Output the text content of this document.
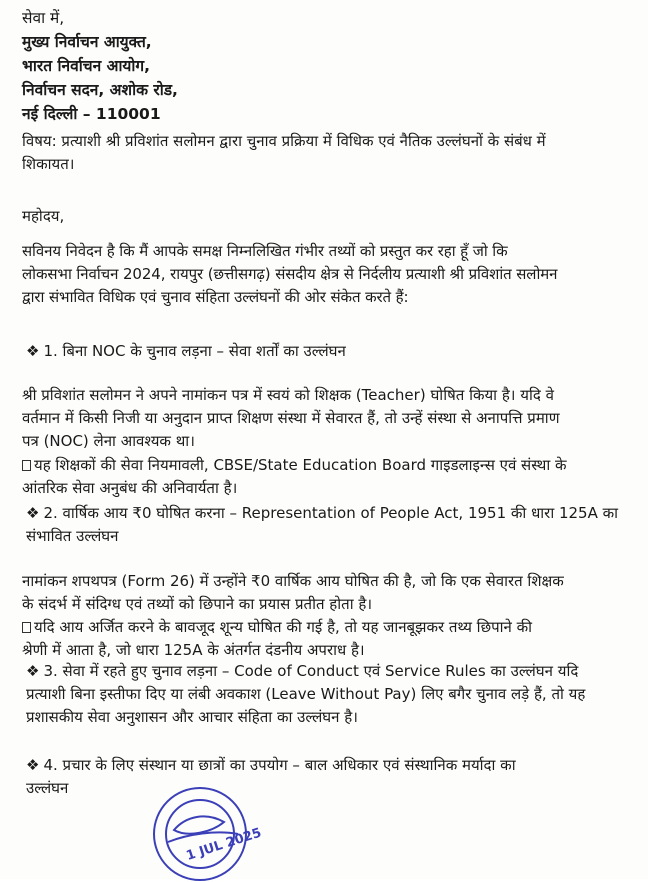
सेवा में,
मुख्य निर्वाचन आयुक्त,
भारत निर्वाचन आयोग,
निर्वाचन सदन, अशोक रोड,
नई दिल्ली – 110001
विषय: प्रत्याशी श्री प्रविशांत सलोमन द्वारा चुनाव प्रक्रिया में विधिक एवं नैतिक उल्लंघनों के संबंध में
शिकायत।
महोदय,
सविनय निवेदन है कि मैं आपके समक्ष निम्नलिखित गंभीर तथ्यों को प्रस्तुत कर रहा हूँ जो कि
लोकसभा निर्वाचन 2024, रायपुर (छत्तीसगढ़) संसदीय क्षेत्र से निर्दलीय प्रत्याशी श्री प्रविशांत सलोमन
द्वारा संभावित विधिक एवं चुनाव संहिता उल्लंघनों की ओर संकेत करते हैं:
❖ 1. बिना NOC के चुनाव लड़ना – सेवा शर्तों का उल्लंघन
श्री प्रविशांत सलोमन ने अपने नामांकन पत्र में स्वयं को शिक्षक (Teacher) घोषित किया है। यदि वे
वर्तमान में किसी निजी या अनुदान प्राप्त शिक्षण संस्था में सेवारत हैं, तो उन्हें संस्था से अनापत्ति प्रमाण
पत्र (NOC) लेना आवश्यक था।
यह शिक्षकों की सेवा नियमावली, CBSE/State Education Board गाइडलाइन्स एवं संस्था के
आंतरिक सेवा अनुबंध की अनिवार्यता है।
❖ 2. वार्षिक आय ₹0 घोषित करना – Representation of People Act, 1951 की धारा 125A का
संभावित उल्लंघन
नामांकन शपथपत्र (Form 26) में उन्होंने ₹0 वार्षिक आय घोषित की है, जो कि एक सेवारत शिक्षक
के संदर्भ में संदिग्ध एवं तथ्यों को छिपाने का प्रयास प्रतीत होता है।
यदि आय अर्जित करने के बावजूद शून्य घोषित की गई है, तो यह जानबूझकर तथ्य छिपाने की
श्रेणी में आता है, जो धारा 125A के अंतर्गत दंडनीय अपराध है।
❖ 3. सेवा में रहते हुए चुनाव लड़ना – Code of Conduct एवं Service Rules का उल्लंघन यदि
प्रत्याशी बिना इस्तीफा दिए या लंबी अवकाश (Leave Without Pay) लिए बगैर चुनाव लड़े हैं, तो यह
प्रशासकीय सेवा अनुशासन और आचार संहिता का उल्लंघन है।
❖ 4. प्रचार के लिए संस्थान या छात्रों का उपयोग – बाल अधिकार एवं संस्थानिक मर्यादा का
उल्लंघन
1 JUL 2025
